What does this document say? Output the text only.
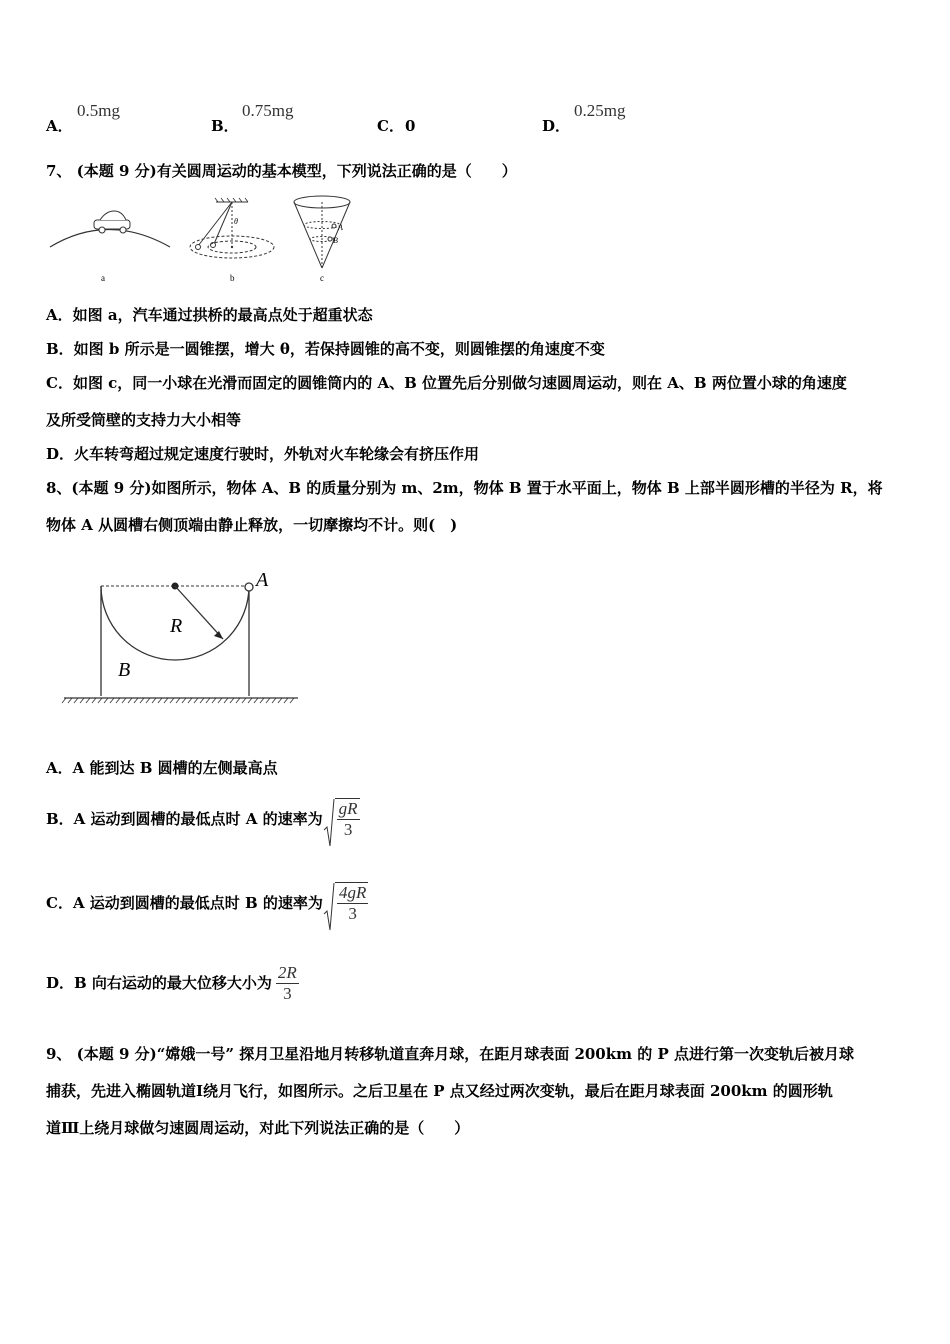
A．
0.5mg
B．
0.75mg
C． 0	D．
0.25mg
7、 (本题 9 分)有关圆周运动的基本模型，下列说法正确的是（　　）
a
θ
b
A
B
c
A．如图 a，汽车通过拱桥的最高点处于超重状态
B．如图 b 所示是一圆锥摆，增大 θ，若保持圆锥的高不变，则圆锥摆的角速度不变
C．如图 c，同一小球在光滑而固定的圆锥筒内的 A、B 位置先后分别做匀速圆周运动，则在 A、B 两位置小球的角速度
及所受筒壁的支持力大小相等
D．火车转弯超过规定速度行驶时，外轨对火车轮缘会有挤压作用
8、(本题 9 分)如图所示，物体 A、B 的质量分别为 m、2m，物体 B 置于水平面上，物体 B 上部半圆形槽的半径为 R，将
物体 A 从圆槽右侧顶端由静止释放，一切摩擦均不计。则(　)
A
R
B
A．A 能到达 B 圆槽的左侧最高点
B．A 运动到圆槽的最低点时 A 的速率为 $\frac{gR}{3}$
C．A 运动到圆槽的最低点时 B 的速率为 $\frac{4gR}{3}$
D．B 向右运动的最大位移大小为 $\frac{2R}{3}$
9、 (本题 9 分)“嫦娥一号” 探月卫星沿地月转移轨道直奔月球，在距月球表面 200km 的 P 点进行第一次变轨后被月球
捕获，先进入椭圆轨道Ⅰ绕月飞行，如图所示。之后卫星在 P 点又经过两次变轨，最后在距月球表面 200km 的圆形轨
道Ⅲ上绕月球做匀速圆周运动，对此下列说法正确的是（　　）
